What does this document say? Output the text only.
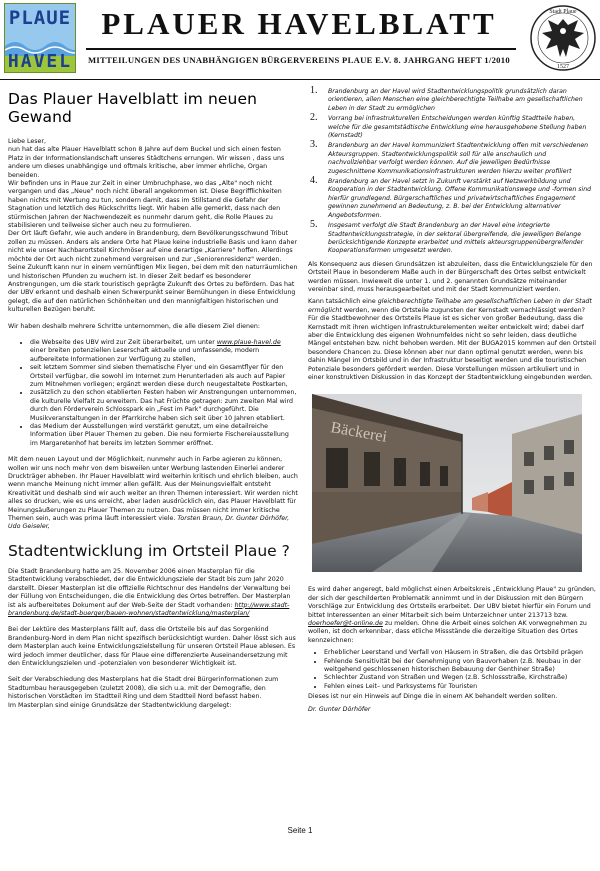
PLAUE
HAVEL
PLAUER HAVELBLATT
MITTEILUNGEN DES UNABHÄNGIGEN BÜRGERVEREINS PLAUE E.V. 8. JAHRGANG HEFT 1/2010
Stadt Plaue
1527
Das Plauer Havelblatt im neuen Gewand

Liebe Leser,
nun hat das alte Plauer Havelblatt schon 8 Jahre auf dem Buckel und sich einen festen Platz in der Informationslandschaft unseres Städtchens errungen. Wir wissen , dass uns andere um dieses unabhängige und oftmals kritische, aber immer ehrliche, Organ beneiden.
Wir befinden uns in Plaue zur Zeit in einer Umbruchphase, wo das „Alte" noch nicht vergangen und das „Neue" noch nicht überall angekommen ist. Diese Begrifflichkeiten haben nichts mit Wertung zu tun, sondern damit, dass im Stillstand die Gefahr der Stagnation und letztlich des Rückschritts liegt. Wir haben alle gemerkt, dass nach den stürmischen Jahren der Nachwendezeit es nunmehr darum geht, die Rolle Plaues zu stabilisieren und teilweise sicher auch neu zu formulieren.
Der Ort läuft Gefahr, wie auch andere in Brandenburg, dem Bevölkerungsschwund Tribut zollen zu müssen. Anders als andere Orte hat Plaue keine industrielle Basis und kann daher nicht wie unser Nachbarortsteil Kirchmöser auf eine derartige „Karriere" hoffen. Allerdings möchte der Ort auch nicht zunehmend vergreisen und zur „Seniorenresidenz" werden. Seine Zukunft kann nur in einem vernünftigen Mix liegen, bei dem mit den naturräumlichen und historischen Pfunden zu wuchern ist. In dieser Zeit bedarf es besonderer Anstrengungen, um die stark touristisch geprägte Zukunft des Ortes zu befördern. Das hat der UBV erkannt und deshalb einen Schwerpunkt seiner Bemühungen in diese Entwicklung gelegt, die auf den natürlichen Schönheiten und den mannigfaltigen historischen und kulturellen Bezügen beruht.

Wir haben deshalb mehrere Schritte unternommen, die alle diesem Ziel dienen:

• die Webseite des UBV wird zur Zeit überarbeitet, um unter www.plaue-havel.de einer breiten potenziellen Leserschaft aktuelle und umfassende, modern aufbereitete Informationen zur Verfügung zu stellen,
• seit letztem Sommer sind sieben thematische Flyer und ein Gesamtflyer für den Ortsteil verfügbar, die sowohl im Internet zum Herunterladen als auch auf Papier zum Mitnehmen vorliegen; ergänzt werden diese durch neugestaltete Postkarten,
• zusätzlich zu den schon etablierten Festen haben wir Anstrengungen unternommen, die kulturelle Vielfalt zu erweitern. Das hat Früchte getragen: zum zweiten Mal wird durch den Förderverein Schlosspark ein „Fest im Park" durchgeführt. Die Musikveranstaltungen in der Pfarrkirche haben sich seit über 10 Jahren etabliert.
• das Medium der Ausstellungen wird verstärkt genutzt, um eine detailreiche Information über Plauer Themen zu geben. Die neu formierte Fischereiausstellung im Margaretenhof hat bereits im letzten Sommer eröffnet.

Mit dem neuen Layout und der Möglichkeit, nunmehr auch in Farbe agieren zu können, wollen wir uns noch mehr von dem bisweilen unter Werbung lastenden Einerlei anderer Druckträger abheben. Ihr Plauer Havelblatt wird weiterhin kritisch und ehrlich bleiben, auch wenn manche Meinung nicht immer allen gefällt. Aus der Meinungsvielfalt entsteht Kreativität und deshalb sind wir auch weiter an Ihren Themen interessiert. Wir werden nicht alles so drucken, wie es uns erreicht, aber laden ausdrücklich ein, das Plauer Havelblatt für Meinungsäußerungen zu Plauer Themen zu nutzen. Das müssen nicht immer kritische Themen sein, auch was prima läuft interessiert viele. Torsten Braun, Dr. Gunter Dörhöfer, Udo Geiseler,

Stadtentwicklung im Ortsteil Plaue ?

Die Stadt Brandenburg hatte am 25. November 2006 einen Masterplan für die Stadtentwicklung verabschiedet, der die Entwicklungsziele der Stadt bis zum Jahr 2020 darstellt. Dieser Masterplan ist die offizielle Richtschnur des Handelns der Verwaltung bei der Füllung von Entscheidungen, die die Entwicklung des Ortes betreffen. Der Masterplan ist als aufbereitetes Dokument auf der Web-Seite der Stadt vorhanden: http://www.stadt-brandenburg.de/stadt-buerger/bauen-wohnen/stadtentwicklung/masterplan/

Bei der Lektüre des Masterplans fällt auf, dass die Ortsteile bis auf das Sorgenkind Brandenburg-Nord in dem Plan nicht spezifisch berücksichtigt wurden. Daher lösst sich aus dem Masterplan auch keine Entwicklungszielstellung für unseren Ortsteil Plaue ablesen. Es wird jedoch immer deutlicher, dass für Plaue eine differenzierte Auseinandersetzung mit den Entwicklungszielen und -potenzialen von besonderer Wichtigkeit ist.

Seit der Verabschiedung des Masterplans hat die Stadt drei Bürgerinformationen zum Stadtumbau herausgegeben (zuletzt 2008), die sich u.a. mit der Demografie, den historischen Vorstädten im Stadtteil Ring und dem Stadtteil Nord befasst haben.
Im Masterplan sind einige Grundsätze der Stadtentwicklung dargelegt:

1. Brandenburg an der Havel wird Stadtentwicklungspolitik grundsätzlich daran orientieren, allen Menschen eine gleichberechtigte Teilhabe am gesellschaftlichen Leben in der Stadt zu ermöglichen
2. Vorrang bei infrastrukturellen Entscheidungen werden künftig Stadtteile haben, welche für die gesamtstädtische Entwicklung eine herausgehobene Stellung haben (Kernstadt)
3. Brandenburg an der Havel kommuniziert Stadtentwicklung offen mit verschiedenen Akteursgruppen. Stadtentwicklungspolitik soll für alle anschaulich und nachvollziehbar verfolgt werden können. Auf die jeweiligen Bedürfnisse zugeschnittene Kommunikationsinfrastrukturen werden hierzu weiter profiliert
4. Brandenburg an der Havel setzt in Zukunft verstärkt auf Netzwerkbildung und Kooperation in der Stadtentwicklung. Offene Kommunikationswege und -formen sind hierfür grundlegend. Bürgerschaftliches und privatwirtschaftliches Engagement gewinnen zunehmend an Bedeutung, z. B. bei der Entwicklung alternativer Angebotsformen.
5. Insgesamt verfolgt die Stadt Brandenburg an der Havel eine integrierte Stadtentwicklungsstrategie, in der sektoral übergreifende, die jeweiligen Belange berücksichtigende Konzepte erarbeitet und mittels akteursgruppenübergreifender Kooperationsformen umgesetzt werden.

Als Konsequenz aus diesen Grundsätzen ist abzuleiten, dass die Entwicklungsziele für den Ortsteil Plaue in besonderem Maße auch in der Bürgerschaft des Ortes selbst entwickelt werden müssen. Inwieweit die unter 1. und 2. genannten Grundsätze miteinander vereinbar sind, muss herausgearbeitet und mit der Stadt kommuniziert werden.

Kann tatsächlich eine gleichberechtigte Teilhabe am gesellschaftlichen Leben in der Stadt ermöglicht werden, wenn die Ortsteile zugunsten der Kernstadt vernachlässigt werden?
Für die Stadtbewohner des Ortsteils Plaue ist es sicher von großer Bedeutung, dass die Kernstadt mit ihren wichtigen Infrastrukturelementen weiter entwickelt wird; dabei darf aber die Entwicklung des eigenen Wohnumfeldes nicht so sehr leiden, dass deutliche Mängel entstehen bzw. nicht behoben werden. Mit der BUGA2015 kommen auf den Ortsteil besondere Chancen zu. Diese können aber nur dann optimal genutzt werden, wenn bis dahin Mängel im Ortsbild und in der Infrastruktur beseitigt werden und die touristischen Potenziale besonders gefördert werden. Diese Vorstellungen müssen artikuliert und in einer konstruktiven Diskussion in das Konzept der Stadtentwicklung eingebunden werden.

Bäckerei

Es wird daher angeregt, bald möglichst einen Arbeitskreis „Entwicklung Plaue" zu gründen, der sich der geschilderten Problematik annimmt und in der Diskussion mit den Bürgern Vorschläge zur Entwicklung des Ortsteils erarbeitet. Der UBV bietet hierfür ein Forum und bittet Interessenten an einer Mitarbeit sich beim Unterzeichner unter 213713 bzw. doerhoefer@t-online.de zu melden. Ohne die Arbeit eines solchen AK vorwegnehmen zu wollen, ist doch erkennbar, dass etliche Missstände die derzeitige Situation des Ortes kennzeichnen:

• Erheblicher Leerstand und Verfall von Häusern in Straßen, die das Ortsbild prägen
• Fehlende Sensitivität bei der Genehmigung von Bauvorhaben (z.B. Neubau in der weitgehend geschlossenen historischen Bebauung der Genthiner Straße)
• Schlechter Zustand von Straßen und Wegen (z.B. Schlossstraße, Kirchstraße)
• Fehlen eines Leit– und Parksystems für Touristen

Dieses ist nur ein Hinweis auf Dinge die in einem AK behandelt werden sollten.

Dr. Gunter Dörhöfer
Seite 1
